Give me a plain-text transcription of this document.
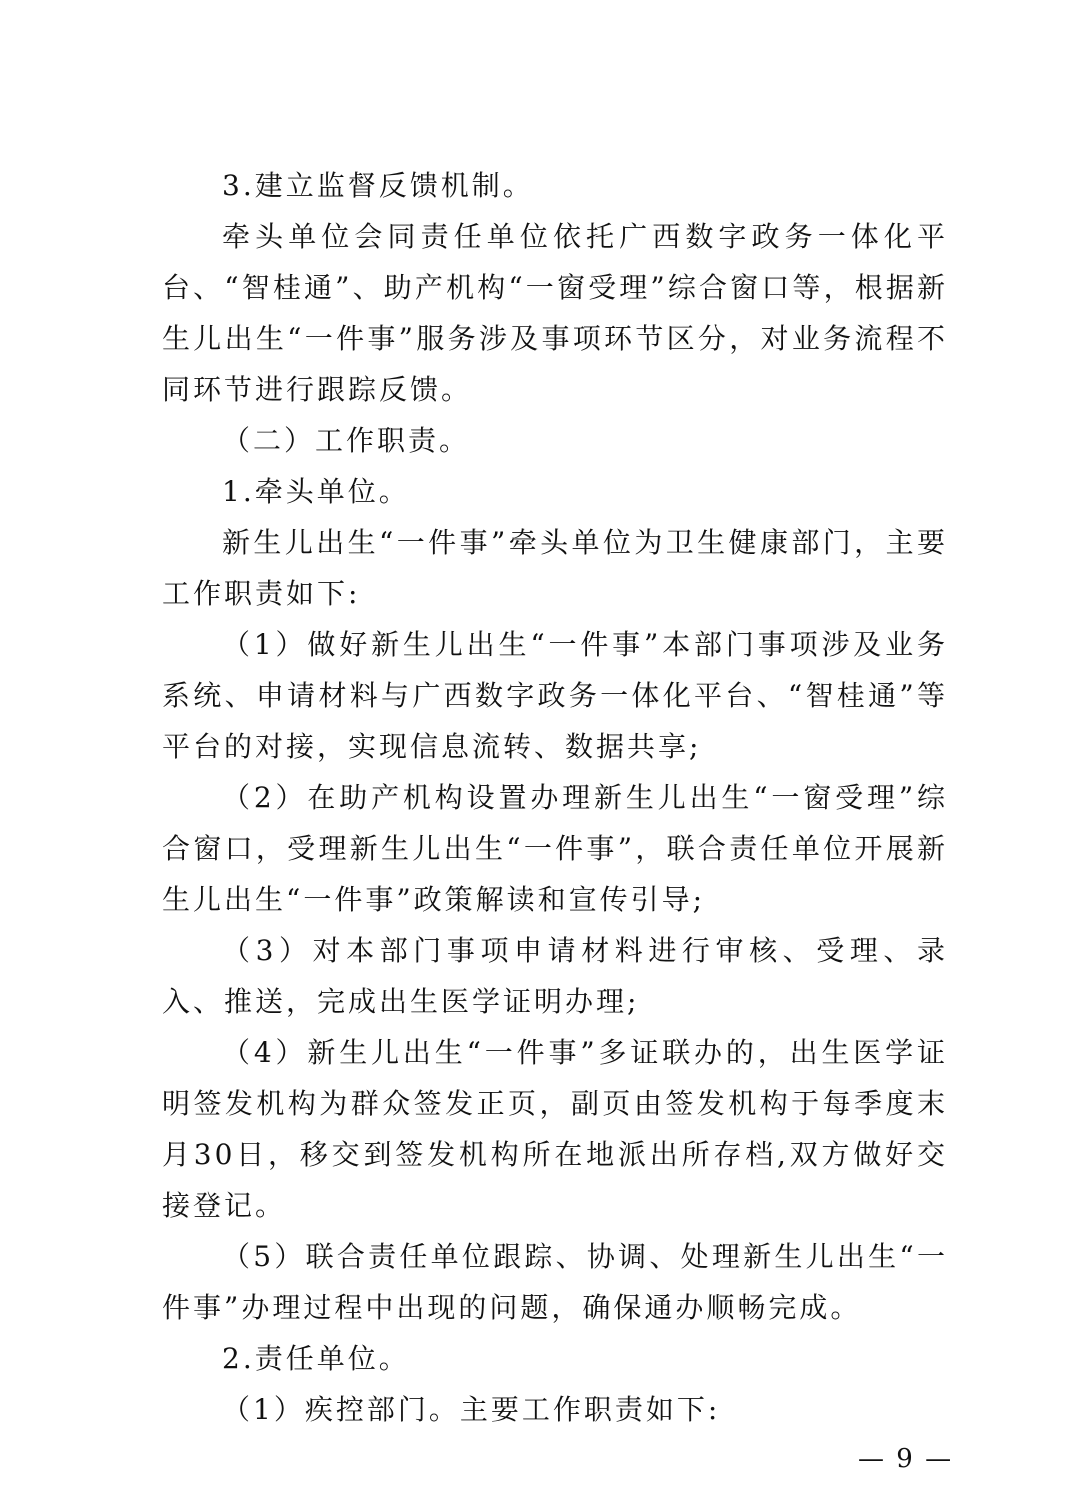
3.建立监督反馈机制。

牵头单位会同责任单位依托广西数字政务一体化平台、“智桂通”、助产机构“一窗受理”综合窗口等，根据新生儿出生“一件事”服务涉及事项环节区分，对业务流程不同环节进行跟踪反馈。

（二）工作职责。

1.牵头单位。

新生儿出生“一件事”牵头单位为卫生健康部门，主要工作职责如下:

（1）做好新生儿出生“一件事”本部门事项涉及业务系统、申请材料与广西数字政务一体化平台、“智桂通”等平台的对接，实现信息流转、数据共享;

（2）在助产机构设置办理新生儿出生“一窗受理”综合窗口，受理新生儿出生“一件事”，联合责任单位开展新生儿出生“一件事”政策解读和宣传引导;

（3）对本部门事项申请材料进行审核、受理、录入、推送，完成出生医学证明办理;

（4）新生儿出生“一件事”多证联办的，出生医学证明签发机构为群众签发正页，副页由签发机构于每季度末月30日，移交到签发机构所在地派出所存档,双方做好交接登记。

（5）联合责任单位跟踪、协调、处理新生儿出生“一件事”办理过程中出现的问题，确保通办顺畅完成。

2.责任单位。

（1）疾控部门。主要工作职责如下:

— 9 —
